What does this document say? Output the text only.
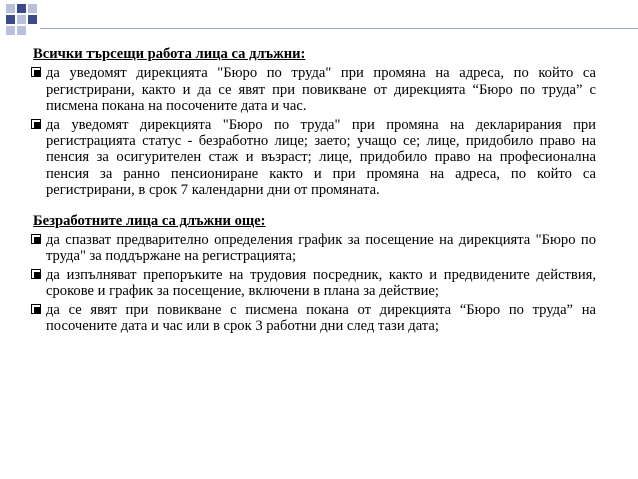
Всички търсещи работа лица са длъжни:
да уведомят дирекцията "Бюро по труда" при промяна на адреса, по който са регистрирани, както и да се явят при повикване от дирекцията “Бюро по труда” с писмена покана на посочените дата и час.
да уведомят дирекцията "Бюро по труда" при промяна на декларирания при регистрацията статус - безработно лице; заето; учащо се; лице, придобило право на пенсия за осигурителен стаж и възраст; лице, придобило право на професионална пенсия за ранно пенсиониране както и при промяна на адреса, по който са регистрирани, в срок 7 календарни дни от промяната.
Безработните лица са длъжни още:
да спазват предварително определения график за посещение на дирекцията "Бюро по труда" за поддържане на регистрацията;
да изпълняват препоръките на трудовия посредник, както и предвидените действия, срокове и график за посещение, включени в плана за действие;
да се явят при повикване с писмена покана от дирекцията “Бюро по труда” на посочените дата и час или в срок 3 работни дни след тази дата;
